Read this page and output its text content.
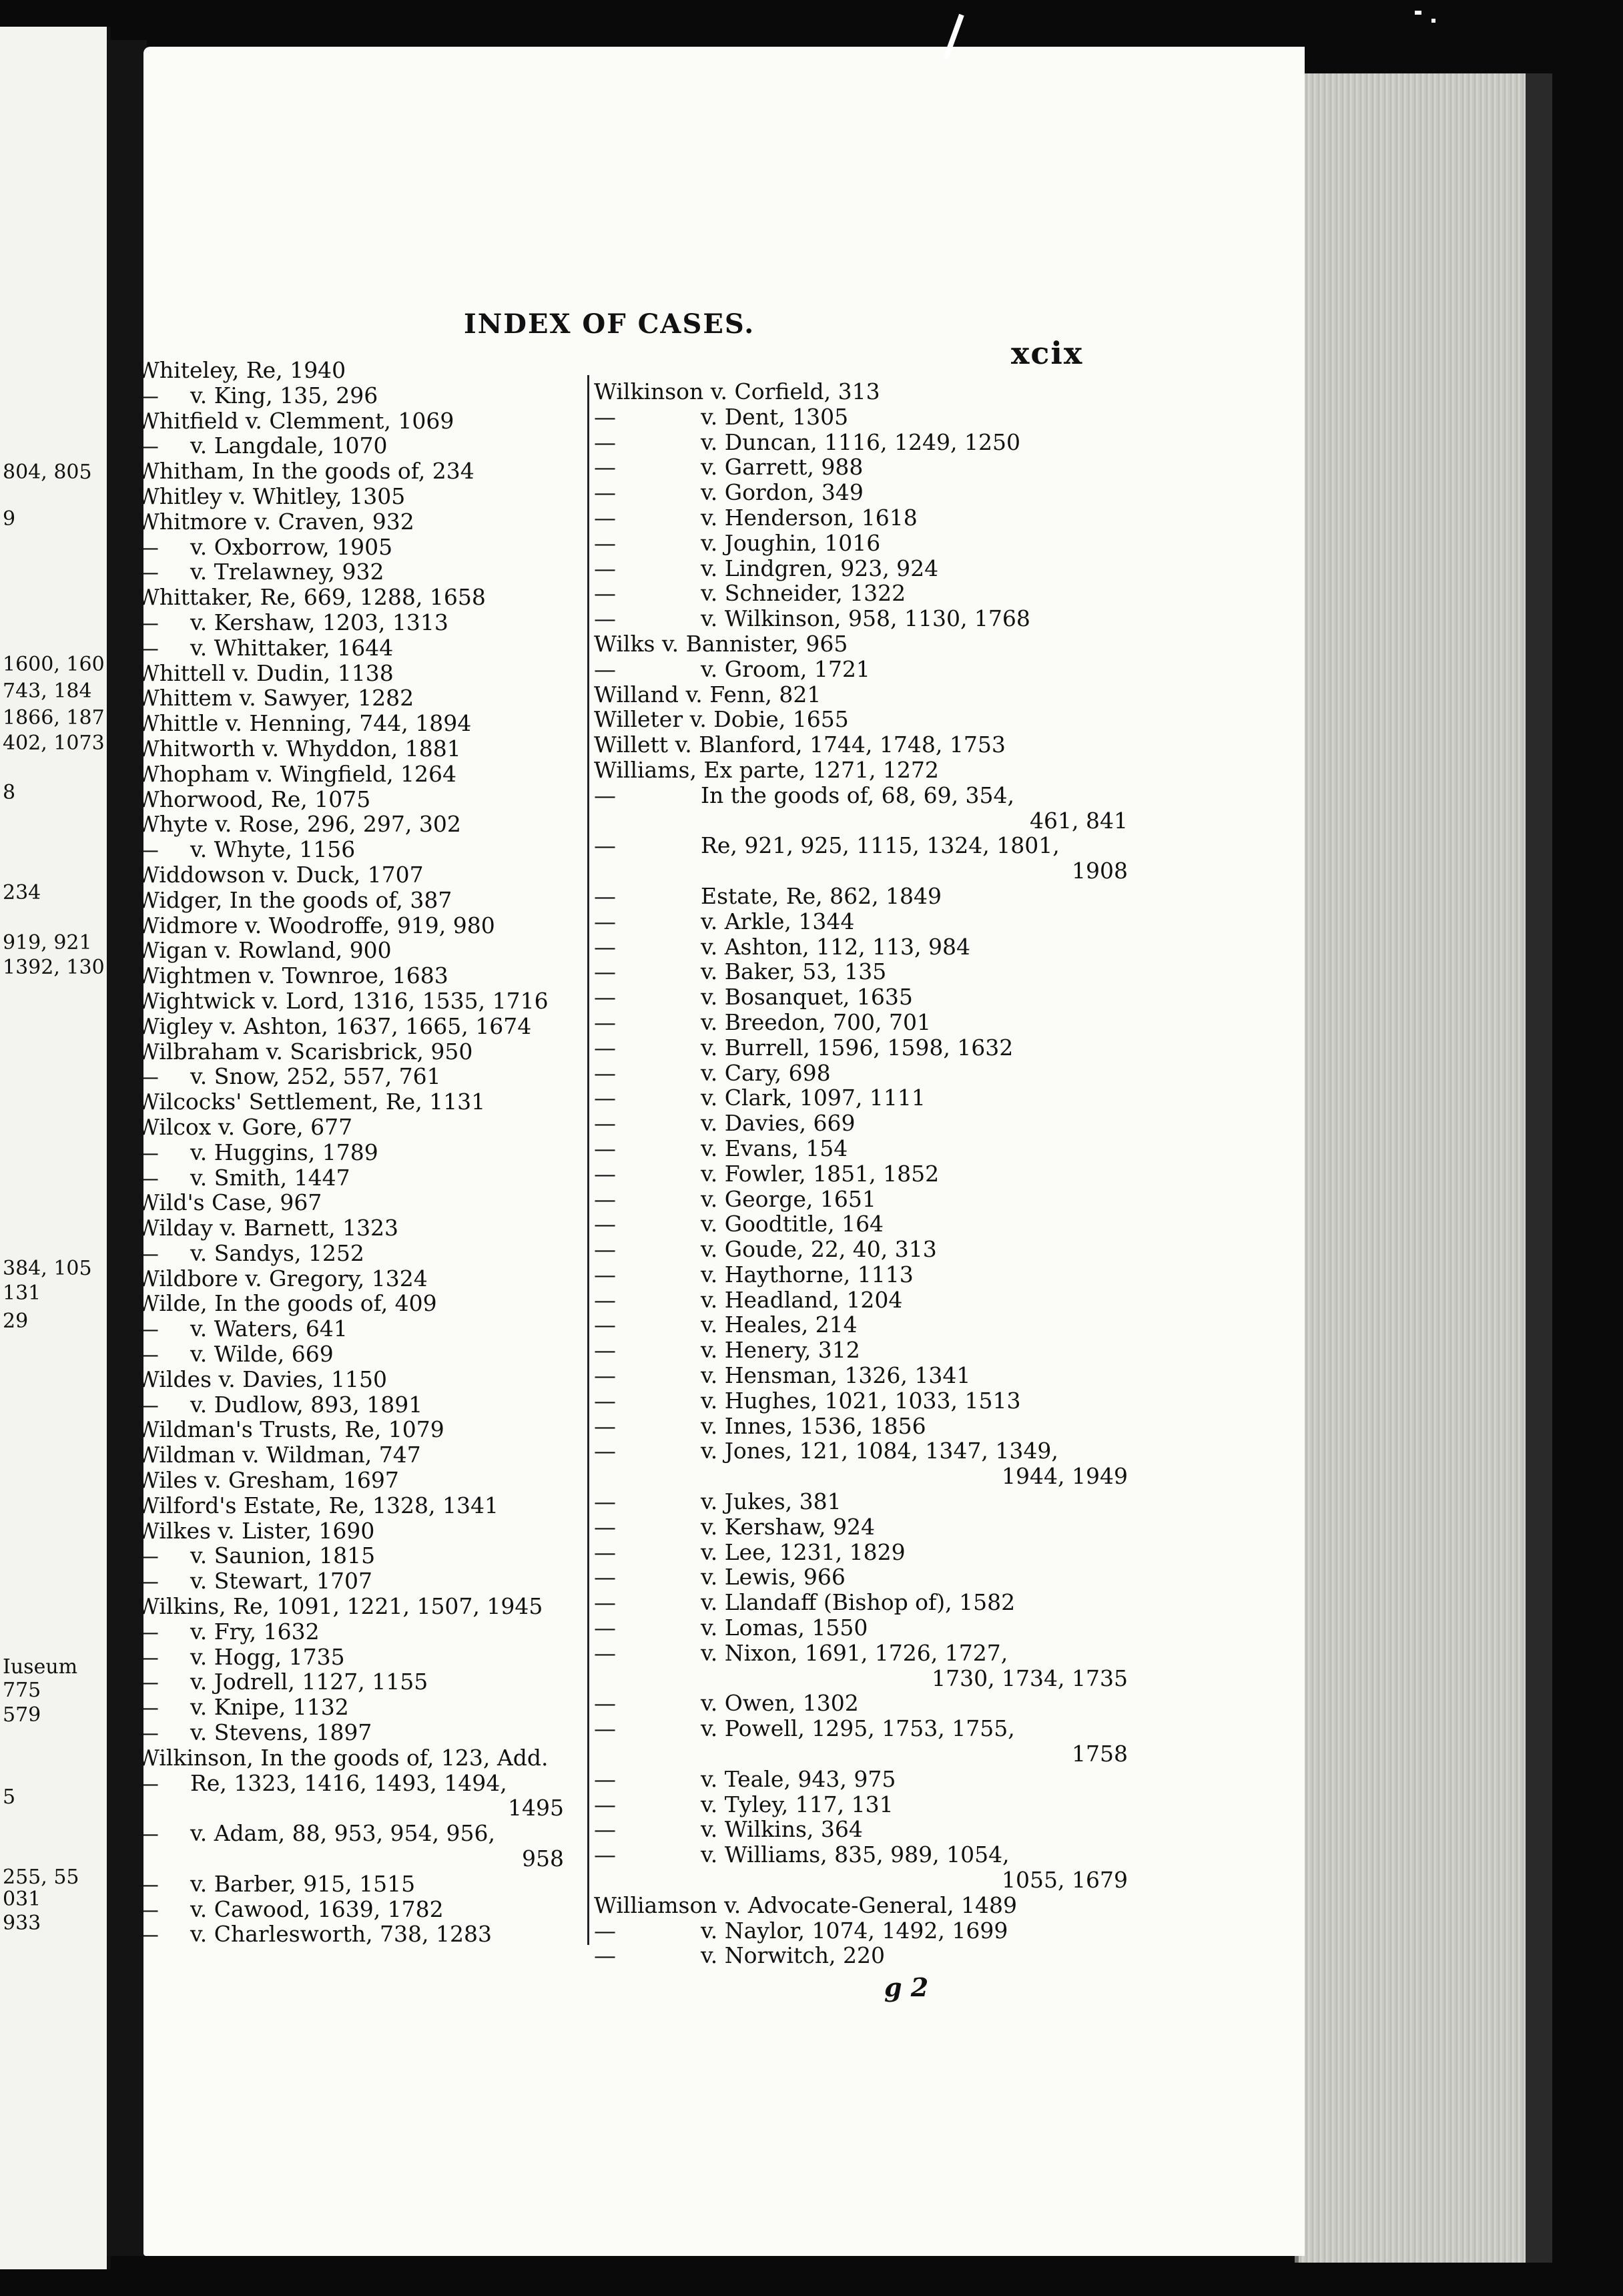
804, 805
9
1600, 160
743, 184
1866, 187
402, 1073
8
234
919, 921
1392, 130
384, 105
131
29
Iuseum
775
579
5
255, 55
031
933
INDEX OF CASES.
xcix
Whiteley, Re, 1940
— v. King, 135, 296
Whitfield v. Clemment, 1069
— v. Langdale, 1070
Whitham, In the goods of, 234
Whitley v. Whitley, 1305
Whitmore v. Craven, 932
— v. Oxborrow, 1905
— v. Trelawney, 932
Whittaker, Re, 669, 1288, 1658
— v. Kershaw, 1203, 1313
— v. Whittaker, 1644
Whittell v. Dudin, 1138
Whittem v. Sawyer, 1282
Whittle v. Henning, 744, 1894
Whitworth v. Whyddon, 1881
Whopham v. Wingfield, 1264
Whorwood, Re, 1075
Whyte v. Rose, 296, 297, 302
— v. Whyte, 1156
Widdowson v. Duck, 1707
Widger, In the goods of, 387
Widmore v. Woodroffe, 919, 980
Wigan v. Rowland, 900
Wightmen v. Townroe, 1683
Wightwick v. Lord, 1316, 1535, 1716
Wigley v. Ashton, 1637, 1665, 1674
Wilbraham v. Scarisbrick, 950
— v. Snow, 252, 557, 761
Wilcocks' Settlement, Re, 1131
Wilcox v. Gore, 677
— v. Huggins, 1789
— v. Smith, 1447
Wild's Case, 967
Wilday v. Barnett, 1323
— v. Sandys, 1252
Wildbore v. Gregory, 1324
Wilde, In the goods of, 409
— v. Waters, 641
— v. Wilde, 669
Wildes v. Davies, 1150
— v. Dudlow, 893, 1891
Wildman's Trusts, Re, 1079
Wildman v. Wildman, 747
Wiles v. Gresham, 1697
Wilford's Estate, Re, 1328, 1341
Wilkes v. Lister, 1690
— v. Saunion, 1815
— v. Stewart, 1707
Wilkins, Re, 1091, 1221, 1507, 1945
— v. Fry, 1632
— v. Hogg, 1735
— v. Jodrell, 1127, 1155
— v. Knipe, 1132
— v. Stevens, 1897
Wilkinson, In the goods of, 123, Add.
— Re, 1323, 1416, 1493, 1494,
1495
— v. Adam, 88, 953, 954, 956,
958
— v. Barber, 915, 1515
— v. Cawood, 1639, 1782
— v. Charlesworth, 738, 1283
Wilkinson v. Corfield, 313
—	v. Dent, 1305
—	v. Duncan, 1116, 1249, 1250
—	v. Garrett, 988
—	v. Gordon, 349
—	v. Henderson, 1618
—	v. Joughin, 1016
—	v. Lindgren, 923, 924
—	v. Schneider, 1322
—	v. Wilkinson, 958, 1130, 1768
Wilks v. Bannister, 965
—	v. Groom, 1721
Willand v. Fenn, 821
Willeter v. Dobie, 1655
Willett v. Blanford, 1744, 1748, 1753
Williams, Ex parte, 1271, 1272
—	In the goods of, 68, 69, 354,
461, 841
—	Re, 921, 925, 1115, 1324, 1801,
1908
—	Estate, Re, 862, 1849
—	v. Arkle, 1344
—	v. Ashton, 112, 113, 984
—	v. Baker, 53, 135
—	v. Bosanquet, 1635
—	v. Breedon, 700, 701
—	v. Burrell, 1596, 1598, 1632
—	v. Cary, 698
—	v. Clark, 1097, 1111
—	v. Davies, 669
—	v. Evans, 154
—	v. Fowler, 1851, 1852
—	v. George, 1651
—	v. Goodtitle, 164
—	v. Goude, 22, 40, 313
—	v. Haythorne, 1113
—	v. Headland, 1204
—	v. Heales, 214
—	v. Henery, 312
—	v. Hensman, 1326, 1341
—	v. Hughes, 1021, 1033, 1513
—	v. Innes, 1536, 1856
—	v. Jones, 121, 1084, 1347, 1349,
1944, 1949
—	v. Jukes, 381
—	v. Kershaw, 924
—	v. Lee, 1231, 1829
—	v. Lewis, 966
—	v. Llandaff (Bishop of), 1582
—	v. Lomas, 1550
—	v. Nixon, 1691, 1726, 1727,
1730, 1734, 1735
—	v. Owen, 1302
—	v. Powell, 1295, 1753, 1755,
1758
—	v. Teale, 943, 975
—	v. Tyley, 117, 131
—	v. Wilkins, 364
—	v. Williams, 835, 989, 1054,
1055, 1679
Williamson v. Advocate-General, 1489
—	v. Naylor, 1074, 1492, 1699
—	v. Norwitch, 220
g 2
